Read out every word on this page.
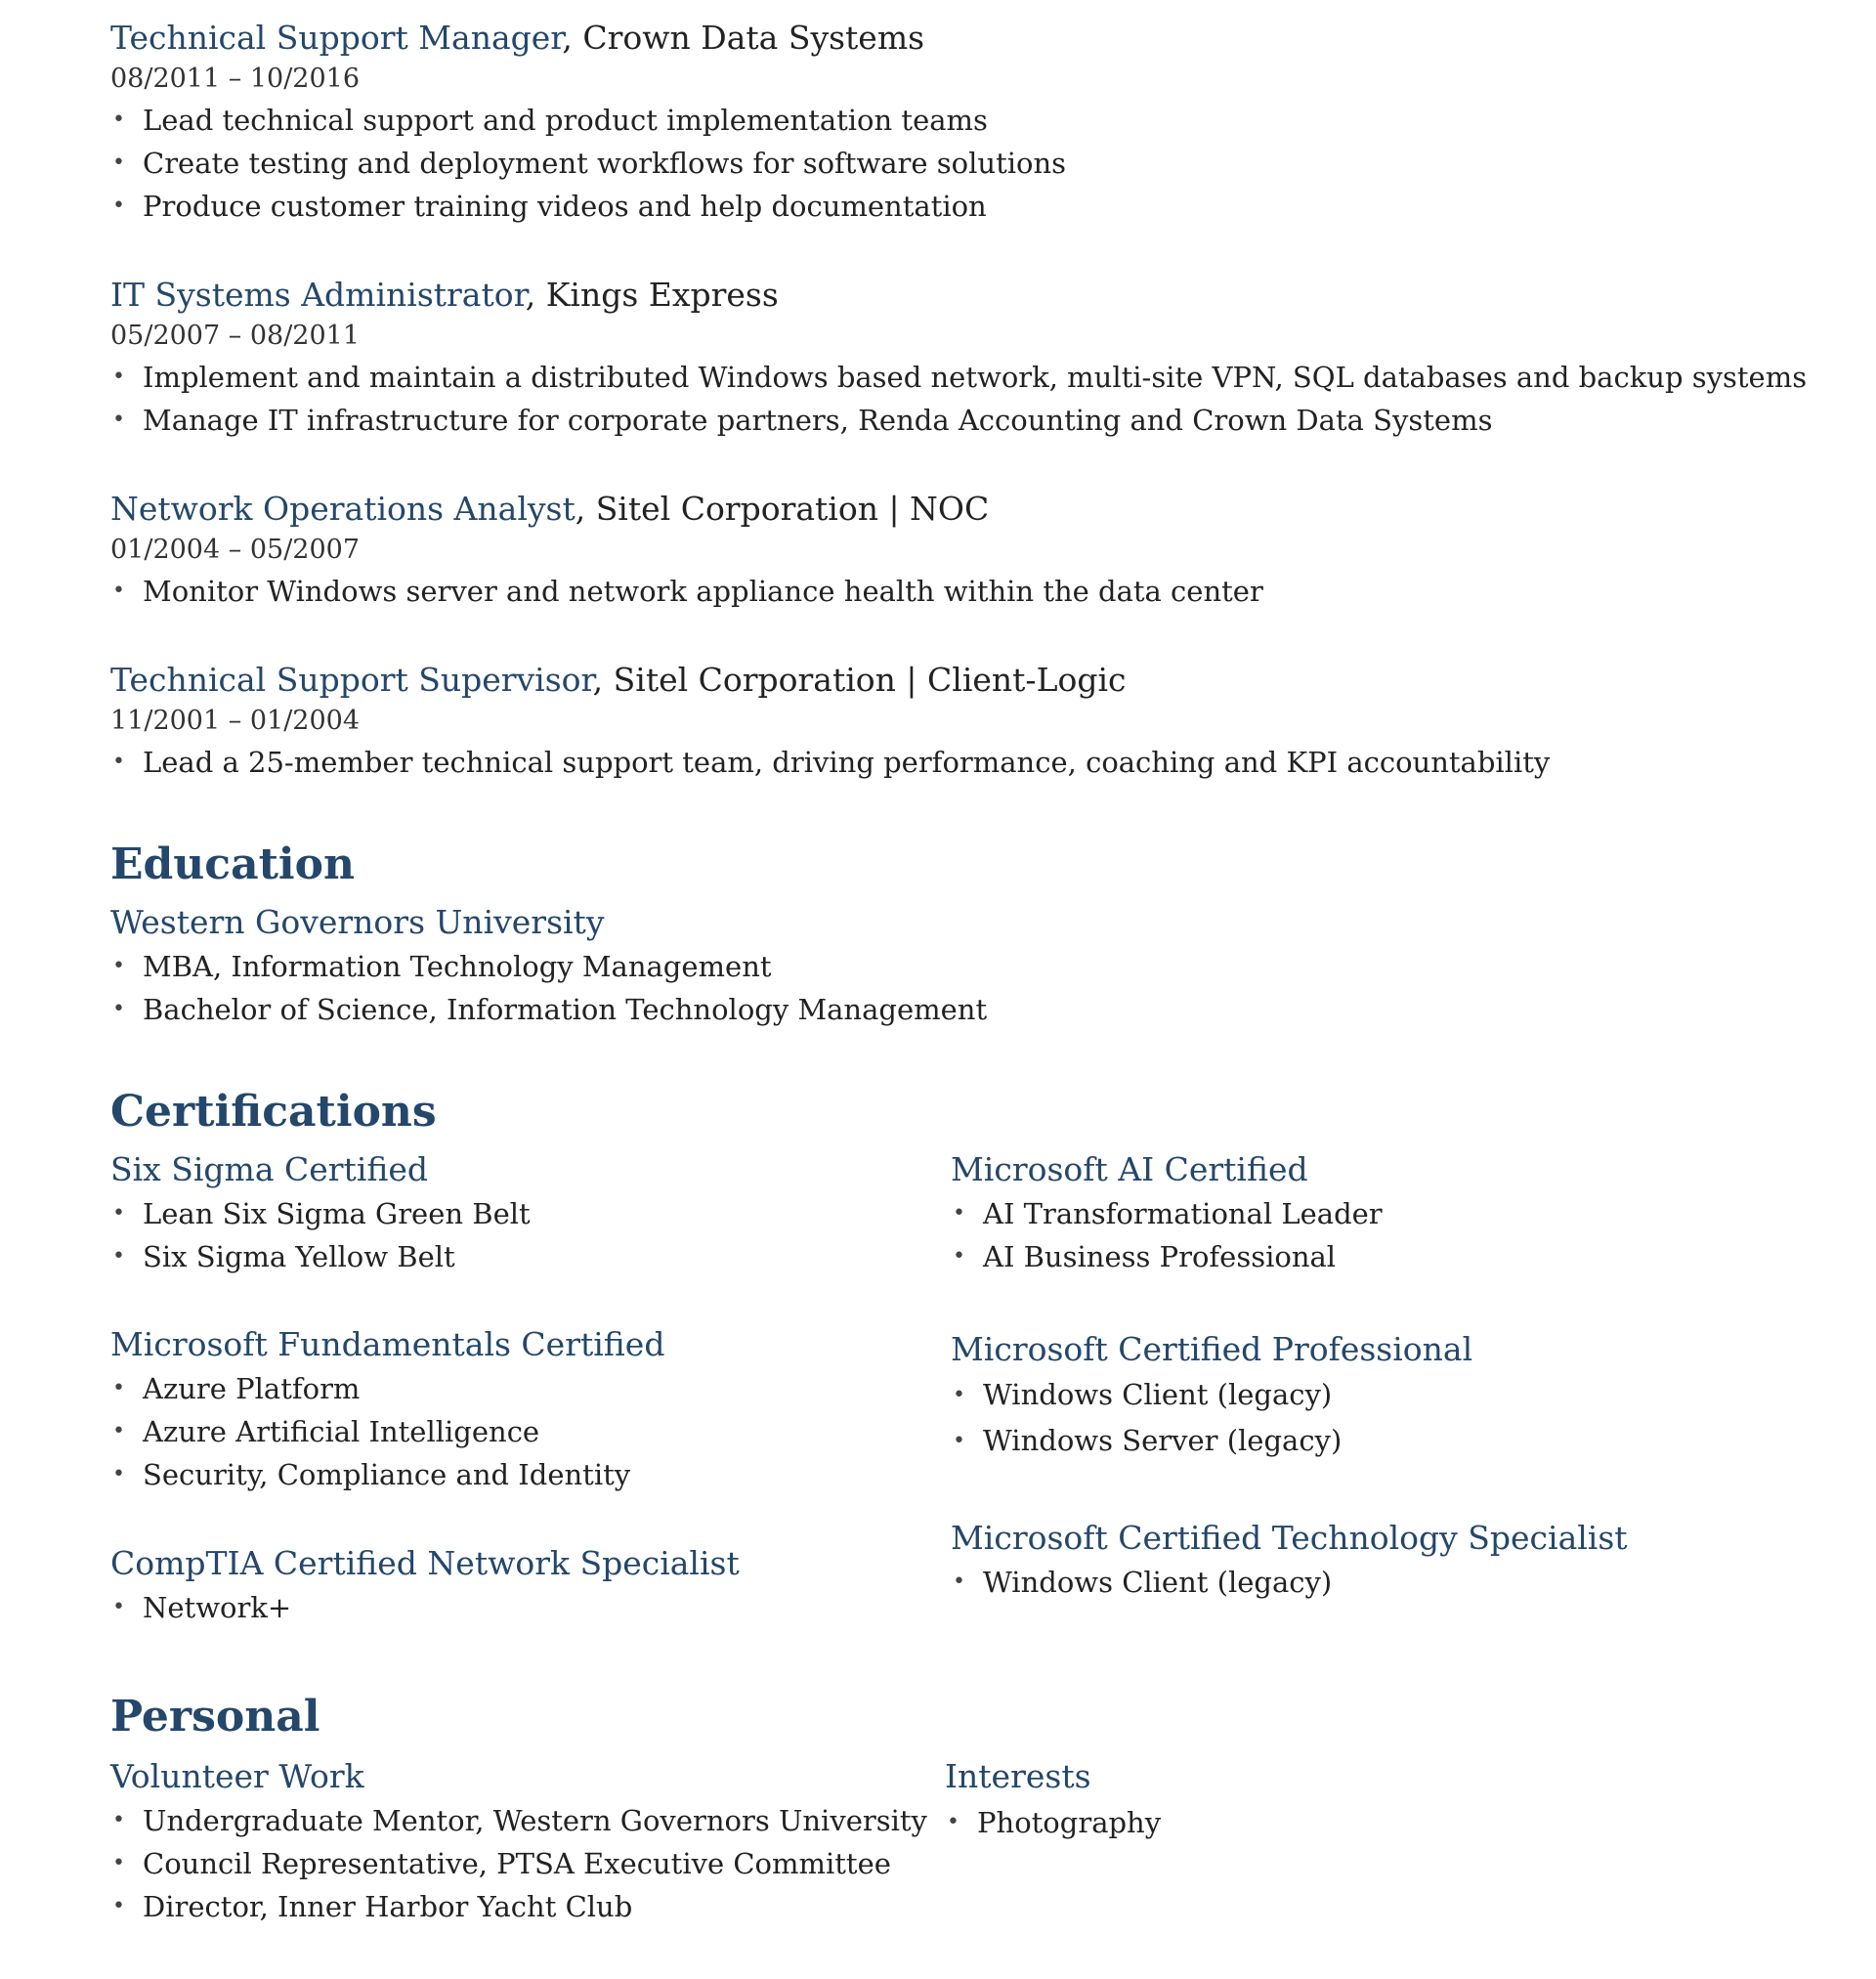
Technical Support Manager, Crown Data Systems
08/2011 – 10/2016
• Lead technical support and product implementation teams
• Create testing and deployment workflows for software solutions
• Produce customer training videos and help documentation
IT Systems Administrator, Kings Express
05/2007 – 08/2011
• Implement and maintain a distributed Windows based network, multi-site VPN, SQL databases and backup systems
• Manage IT infrastructure for corporate partners, Renda Accounting and Crown Data Systems
Network Operations Analyst, Sitel Corporation | NOC
01/2004 – 05/2007
• Monitor Windows server and network appliance health within the data center
Technical Support Supervisor, Sitel Corporation | Client-Logic
11/2001 – 01/2004
• Lead a 25-member technical support team, driving performance, coaching and KPI accountability
Education
Western Governors University
• MBA, Information Technology Management
• Bachelor of Science, Information Technology Management
Certifications
Six Sigma Certified
• Lean Six Sigma Green Belt
• Six Sigma Yellow Belt
Microsoft Fundamentals Certified
• Azure Platform
• Azure Artificial Intelligence
• Security, Compliance and Identity
CompTIA Certified Network Specialist
• Network+
Microsoft AI Certified
• AI Transformational Leader
• AI Business Professional
Microsoft Certified Professional
• Windows Client (legacy)
• Windows Server (legacy)
Microsoft Certified Technology Specialist
• Windows Client (legacy)
Personal
Volunteer Work
• Undergraduate Mentor, Western Governors University
• Council Representative, PTSA Executive Committee
• Director, Inner Harbor Yacht Club
Interests
• Photography
